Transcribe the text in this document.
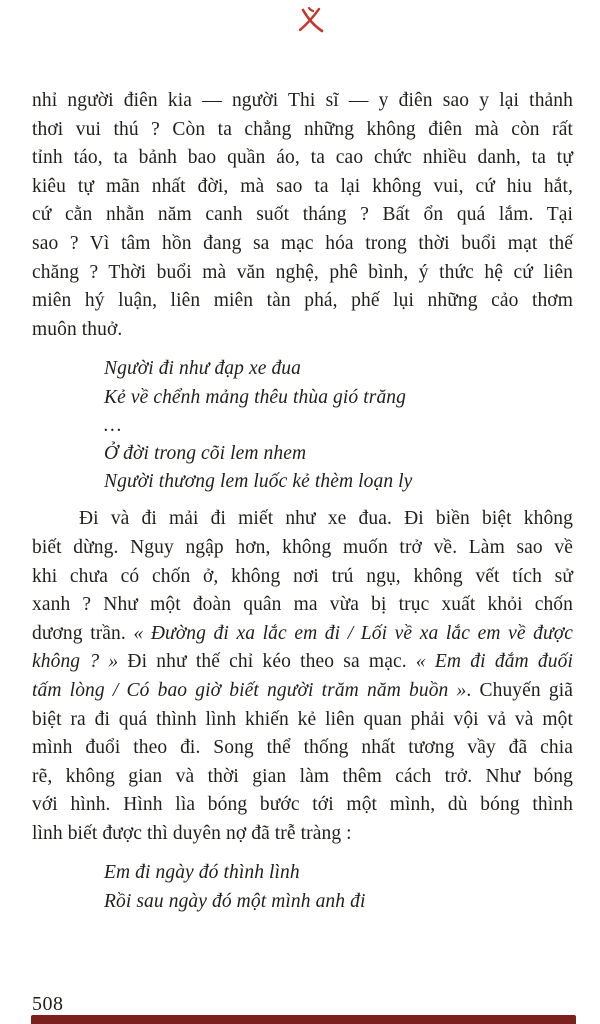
nhỉ người điên kia — người Thi sĩ — y điên sao y lại thảnh
thơi vui thú ? Còn ta chẳng những không điên mà còn rất
tỉnh táo, ta bảnh bao quần áo, ta cao chức nhiều danh, ta tự
kiêu tự mãn nhất đời, mà sao ta lại không vui, cứ hiu hắt,
cứ cằn nhằn năm canh suốt tháng ? Bất ổn quá lắm. Tại
sao ? Vì tâm hồn đang sa mạc hóa trong thời buổi mạt thế
chăng ? Thời buổi mà văn nghệ, phê bình, ý thức hệ cứ liên
miên hý luận, liên miên tàn phá, phế lụi những cảo thơm
muôn thuở.
Người đi như đạp xe đua
Kẻ về chểnh mảng thêu thùa gió trăng
…
Ở đời trong cõi lem nhem
Người thương lem luốc kẻ thèm loạn ly
Đi và đi mải đi miết như xe đua. Đi biền biệt không
biết dừng. Nguy ngập hơn, không muốn trở về. Làm sao về
khi chưa có chốn ở, không nơi trú ngụ, không vết tích sử
xanh ? Như một đoàn quân ma vừa bị trục xuất khỏi chốn
dương trần. « Đường đi xa lắc em đi / Lối về xa lắc em về được
không ? » Đi như thế chỉ kéo theo sa mạc. « Em đi đắm đuối
tấm lòng / Có bao giờ biết người trăm năm buồn ». Chuyến giã
biệt ra đi quá thình lình khiến kẻ liên quan phải vội vả và một
mình đuổi theo đi. Song thể thống nhất tương vầy đã chia
rẽ, không gian và thời gian làm thêm cách trở. Như bóng
với hình. Hình lìa bóng bước tới một mình, dù bóng thình
lình biết được thì duyên nợ đã trễ tràng :
Em đi ngày đó thình lình
Rồi sau ngày đó một mình anh đi
508
